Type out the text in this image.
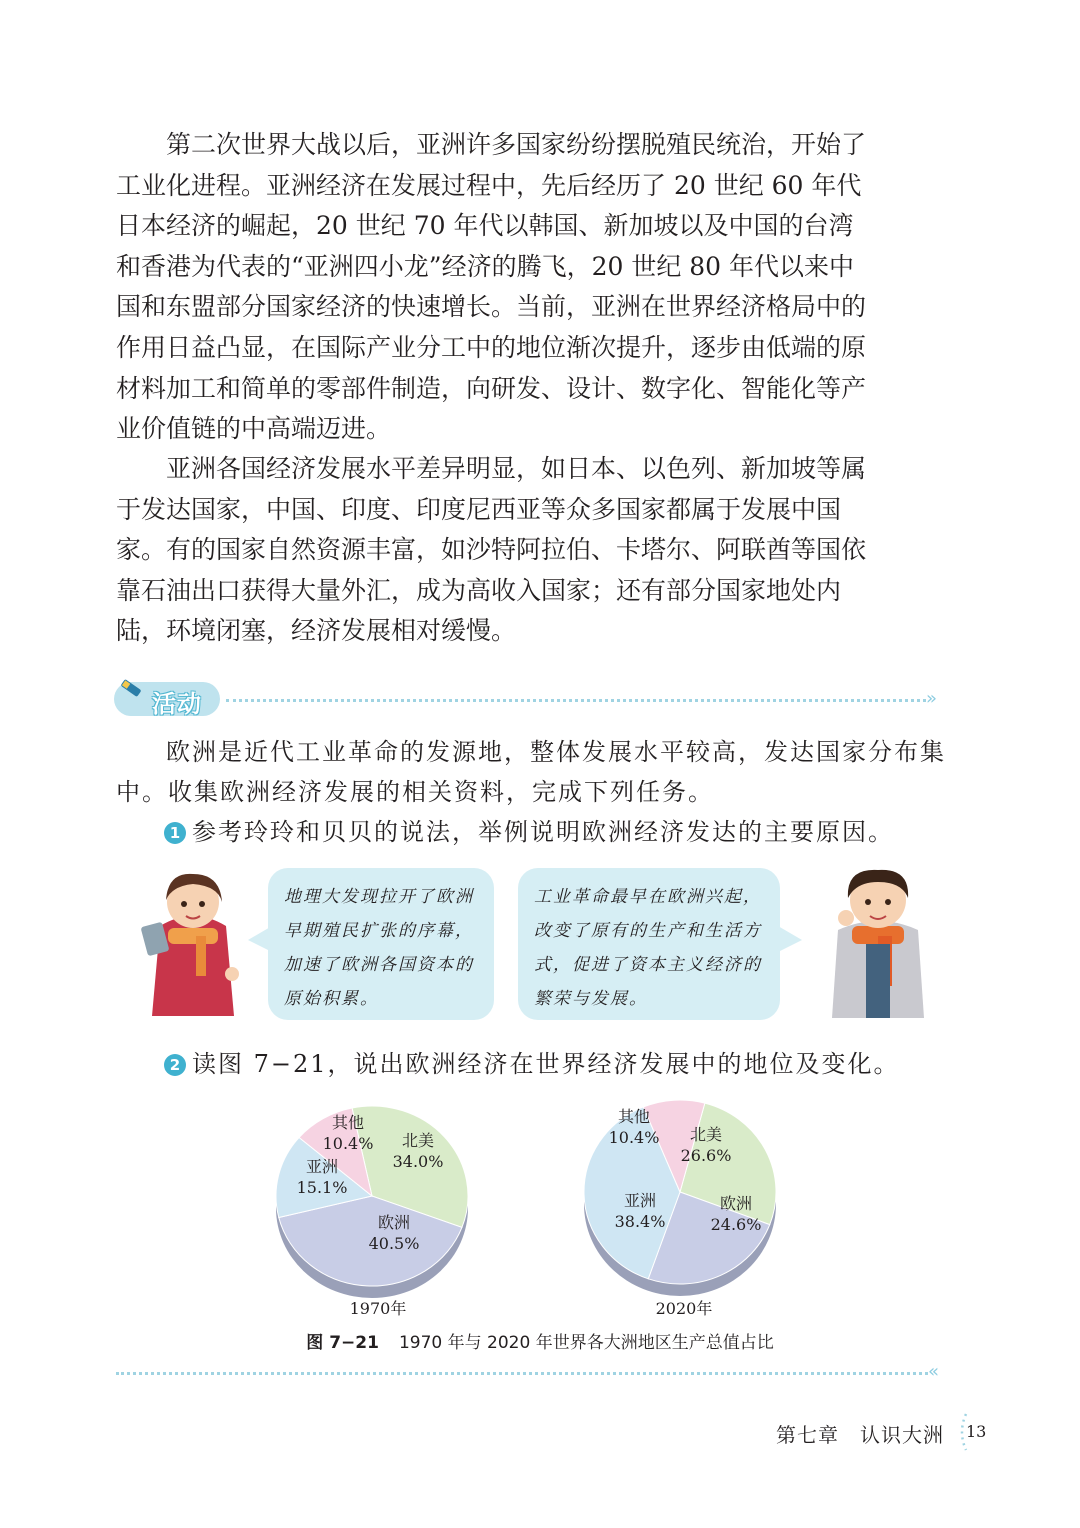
第二次世界大战以后，亚洲许多国家纷纷摆脱殖民统治，开始了工业化进程。亚洲经济在发展过程中，先后经历了 20 世纪 60 年代日本经济的崛起，20 世纪 70 年代以韩国、新加坡以及中国的台湾和香港为代表的“亚洲四小龙”经济的腾飞，20 世纪 80 年代以来中国和东盟部分国家经济的快速增长。当前，亚洲在世界经济格局中的作用日益凸显，在国际产业分工中的地位渐次提升，逐步由低端的原材料加工和简单的零部件制造，向研发、设计、数字化、智能化等产业价值链的中高端迈进。

亚洲各国经济发展水平差异明显，如日本、以色列、新加坡等属于发达国家，中国、印度、印度尼西亚等众多国家都属于发展中国家。有的国家自然资源丰富，如沙特阿拉伯、卡塔尔、阿联酋等国依靠石油出口获得大量外汇，成为高收入国家；还有部分国家地处内陆，环境闭塞，经济发展相对缓慢。

活动	»

欧洲是近代工业革命的发源地，整体发展水平较高，发达国家分布集中。收集欧洲经济发展的相关资料，完成下列任务。

1 参考玲玲和贝贝的说法，举例说明欧洲经济发达的主要原因。

地理大发现拉开了欧洲早期殖民扩张的序幕，加速了欧洲各国资本的原始积累。

工业革命最早在欧洲兴起，改变了原有的生产和生活方式，促进了资本主义经济的繁荣与发展。

2 读图 7−21，说出欧洲经济在世界经济发展中的地位及变化。

北美
34.0%
欧洲
40.5%
亚洲
15.1%
其他
10.4%
1970年
北美
26.6%
欧洲
24.6%
亚洲
38.4%
其他
10.4%
2020年
图 7−21 1970 年与 2020 年世界各大洲地区生产总值占比
«
第七章　认识大洲 13
